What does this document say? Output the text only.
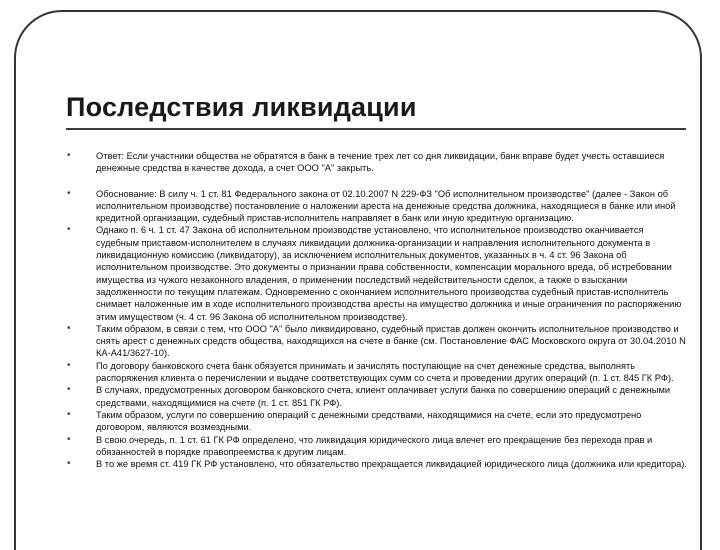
Последствия ликвидации
•	Ответ: Если участники общества не обратятся в банк в течение трех лет со дня ликвидации, банк вправе будет учесть оставшиеся денежные средства в качестве дохода, а счет ООО "А" закрыть.
•	Обоснование: В силу ч. 1 ст. 81 Федерального закона от 02.10.2007 N 229-ФЗ "Об исполнительном производстве" (далее - Закон об исполнительном производстве) постановление о наложении ареста на денежные средства должника, находящиеся в банке или иной кредитной организации, судебный пристав-исполнитель направляет в банк или иную кредитную организацию.
•	Однако п. 6 ч. 1 ст. 47 Закона об исполнительном производстве установлено, что исполнительное производство оканчивается судебным приставом-исполнителем в случаях ликвидации должника-организации и направления исполнительного документа в ликвидационную комиссию (ликвидатору), за исключением исполнительных документов, указанных в ч. 4 ст. 96 Закона об исполнительном производстве. Это документы о признании права собственности, компенсации морального вреда, об истребовании имущества из чужого незаконного владения, о применении последствий недействительности сделок, а также о взыскании задолженности по текущим платежам. Одновременно с окончанием исполнительного производства судебный пристав-исполнитель снимает наложенные им в ходе исполнительного производства аресты на имущество должника и иные ограничения по распоряжению этим имуществом (ч. 4 ст. 96 Закона об исполнительном производстве).
•	Таким образом, в связи с тем, что ООО "А" было ликвидировано, судебный пристав должен окончить исполнительное производство и снять арест с денежных средств общества, находящихся на счете в банке (см. Постановление ФАС Московского округа от 30.04.2010 N КА-А41/3627-10).
•	По договору банковского счета банк обязуется принимать и зачислять поступающие на счет денежные средства, выполнять распоряжения клиента о перечислении и выдаче соответствующих сумм со счета и проведении других операций (п. 1 ст. 845 ГК РФ).
•	В случаях, предусмотренных договором банковского счета, клиент оплачивает услуги банка по совершению операций с денежными средствами, находящимися на счете (п. 1 ст. 851 ГК РФ).
•	Таким образом, услуги по совершению операций с денежными средствами, находящимися на счете, если это предусмотрено договором, являются возмездными.
•	В свою очередь, п. 1 ст. 61 ГК РФ определено, что ликвидация юридического лица влечет его прекращение без перехода прав и обязанностей в порядке правопреемства к другим лицам.
•	В то же время ст. 419 ГК РФ установлено, что обязательство прекращается ликвидацией юридического лица (должника или кредитора).
